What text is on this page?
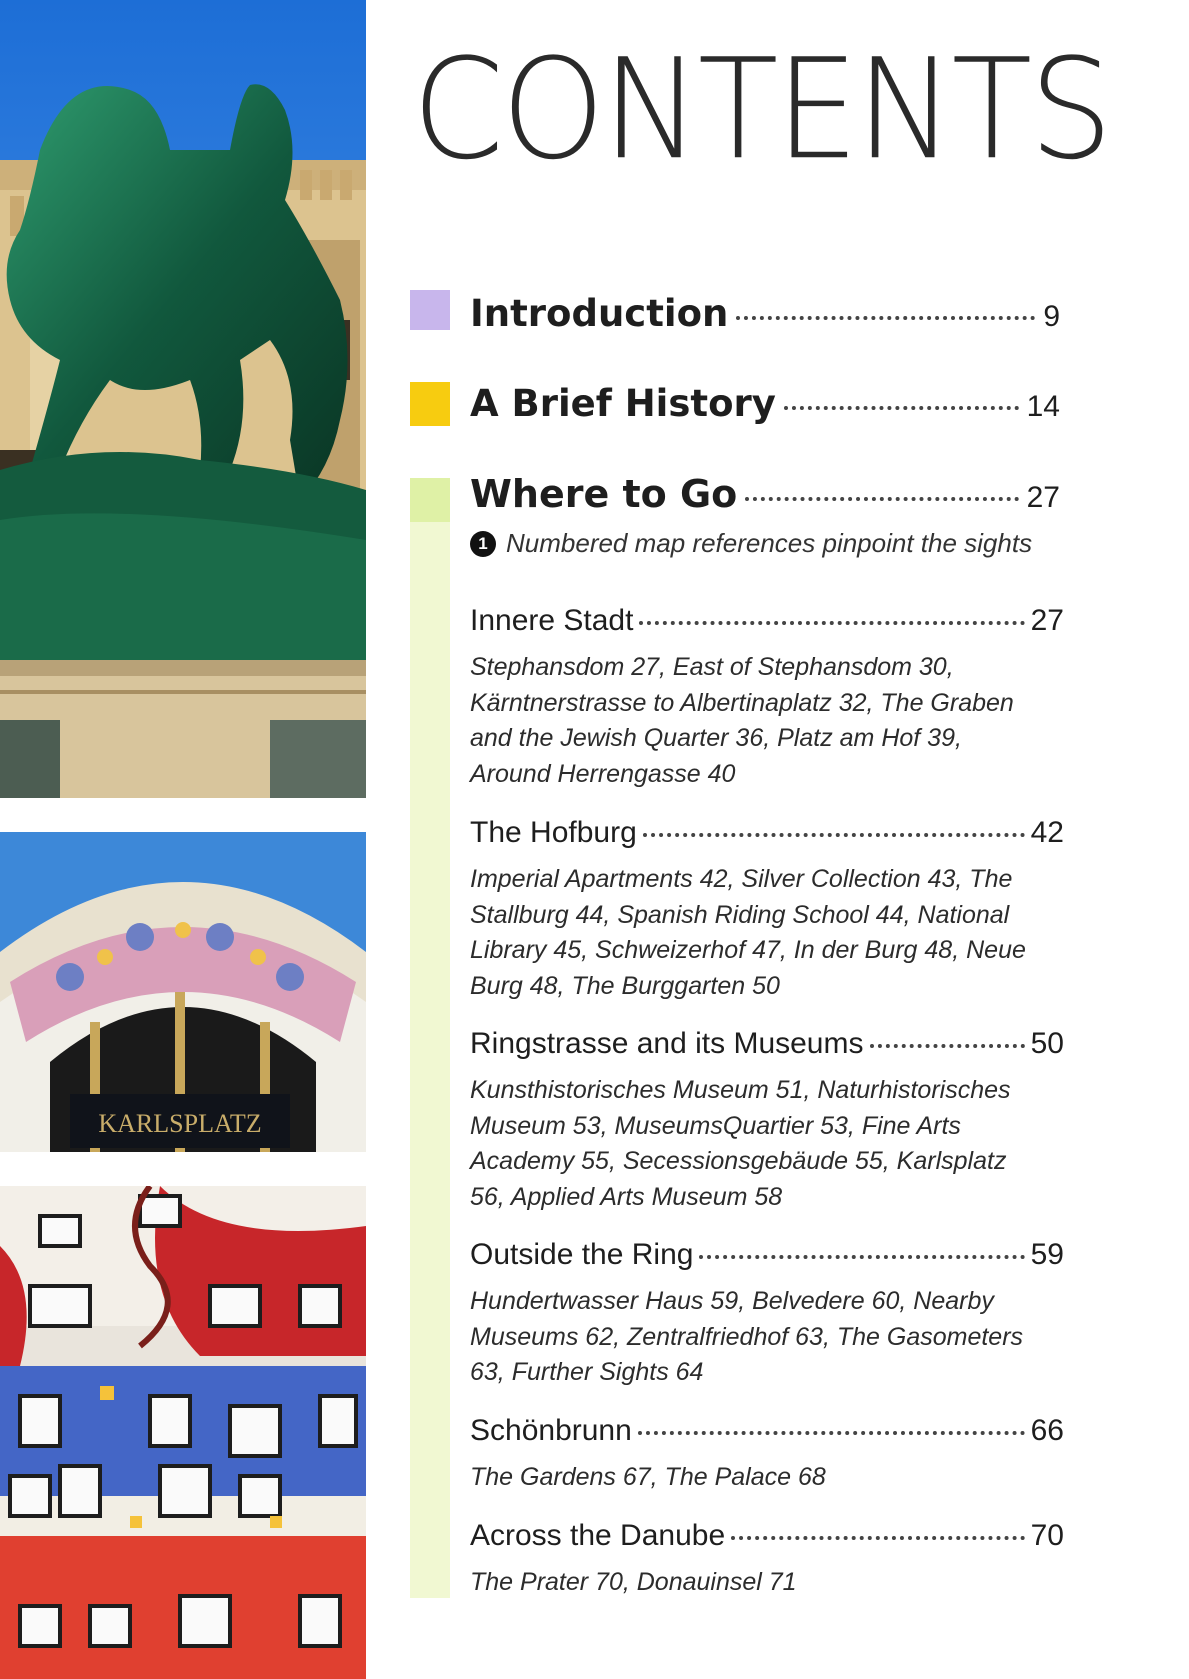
KARLSPLATZ
CONTENTS
Introduction	9
A Brief History	14
Where to Go	27
1 Numbered map references pinpoint the sights
Innere Stadt	27
Stephansdom 27, East of Stephansdom 30, Kärntnerstrasse to Albertinaplatz 32, The Graben and the Jewish Quarter 36, Platz am Hof 39, Around Herrengasse 40
The Hofburg	42
Imperial Apartments 42, Silver Collection 43, The Stallburg 44, Spanish Riding School 44, National Library 45, Schweizerhof 47, In der Burg 48, Neue Burg 48, The Burggarten 50
Ringstrasse and its Museums	50
Kunsthistorisches Museum 51, Naturhistorisches Museum 53, MuseumsQuartier 53, Fine Arts Academy 55, Secessionsgebäude 55, Karlsplatz 56, Applied Arts Museum 58
Outside the Ring	59
Hundertwasser Haus 59, Belvedere 60, Nearby Museums 62, Zentralfriedhof 63, The Gasometers 63, Further Sights 64
Schönbrunn	66
The Gardens 67, The Palace 68
Across the Danube	70
The Prater 70, Donauinsel 71
